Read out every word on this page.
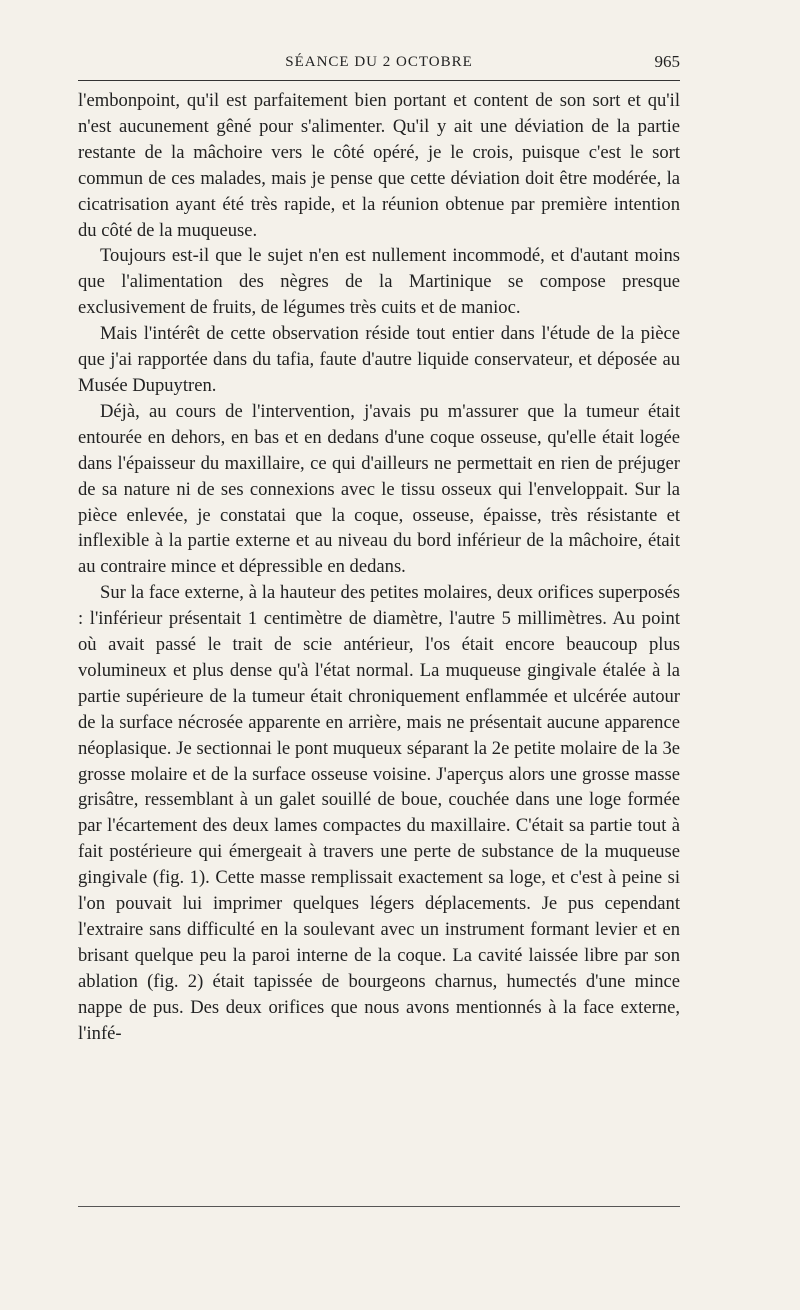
SÉANCE DU 2 OCTOBRE	965

l'embonpoint, qu'il est parfaitement bien portant et content de son sort et qu'il n'est aucunement gêné pour s'alimenter. Qu'il y ait une déviation de la partie restante de la mâchoire vers le côté opéré, je le crois, puisque c'est le sort commun de ces malades, mais je pense que cette déviation doit être modérée, la cicatrisation ayant été très rapide, et la réunion obtenue par première intention du côté de la muqueuse.

Toujours est-il que le sujet n'en est nullement incommodé, et d'autant moins que l'alimentation des nègres de la Martinique se compose presque exclusivement de fruits, de légumes très cuits et de manioc.

Mais l'intérêt de cette observation réside tout entier dans l'étude de la pièce que j'ai rapportée dans du tafia, faute d'autre liquide conservateur, et déposée au Musée Dupuytren.

Déjà, au cours de l'intervention, j'avais pu m'assurer que la tumeur était entourée en dehors, en bas et en dedans d'une coque osseuse, qu'elle était logée dans l'épaisseur du maxillaire, ce qui d'ailleurs ne permettait en rien de préjuger de sa nature ni de ses connexions avec le tissu osseux qui l'enveloppait. Sur la pièce enlevée, je constatai que la coque, osseuse, épaisse, très résistante et inflexible à la partie externe et au niveau du bord inférieur de la mâchoire, était au contraire mince et dépressible en dedans.

Sur la face externe, à la hauteur des petites molaires, deux orifices superposés : l'inférieur présentait 1 centimètre de diamètre, l'autre 5 millimètres. Au point où avait passé le trait de scie antérieur, l'os était encore beaucoup plus volumineux et plus dense qu'à l'état normal. La muqueuse gingivale étalée à la partie supérieure de la tumeur était chroniquement enflammée et ulcérée autour de la surface nécrosée apparente en arrière, mais ne présentait aucune apparence néoplasique. Je sectionnai le pont muqueux séparant la 2e petite molaire de la 3e grosse molaire et de la surface osseuse voisine. J'aperçus alors une grosse masse grisâtre, ressemblant à un galet souillé de boue, couchée dans une loge formée par l'écartement des deux lames compactes du maxillaire. C'était sa partie tout à fait postérieure qui émergeait à travers une perte de substance de la muqueuse gingivale (fig. 1). Cette masse remplissait exactement sa loge, et c'est à peine si l'on pouvait lui imprimer quelques légers déplacements. Je pus cependant l'extraire sans difficulté en la soulevant avec un instrument formant levier et en brisant quelque peu la paroi interne de la coque. La cavité laissée libre par son ablation (fig. 2) était tapissée de bourgeons charnus, humectés d'une mince nappe de pus. Des deux orifices que nous avons mentionnés à la face externe, l'infé-
